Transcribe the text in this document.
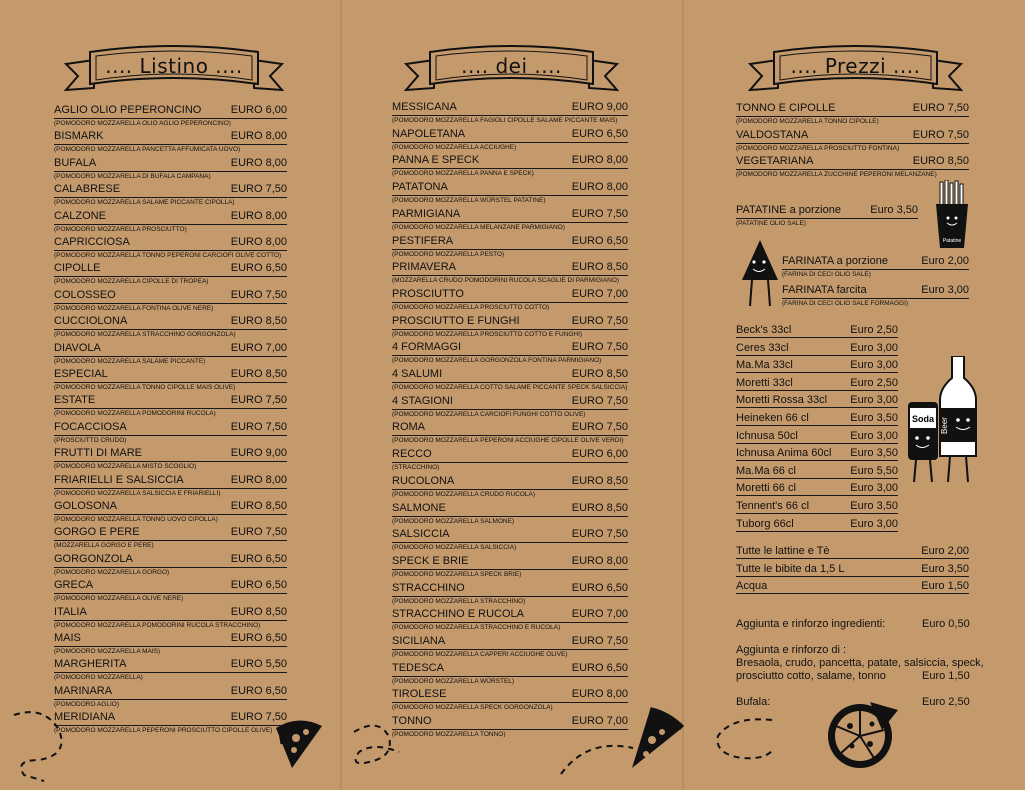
.... Listino ....
AGLIO OLIO PEPERONCINO	EURO 6,00
(POMODORO MOZZARELLA OLIO AGLIO PEPERONCINO)
BISMARK	EURO 8,00
(POMODORO MOZZARELLA PANCETTA AFFUMICATA UOVO)
BUFALA	EURO 8,00
(POMODORO MOZZARELLA DI BUFALA CAMPANA)
CALABRESE	EURO 7,50
(POMODORO MOZZARELLA SALAME PICCANTE CIPOLLA)
CALZONE	EURO 8,00
(POMODORO MOZZARELLA PROSCIUTTO)
CAPRICCIOSA	EURO 8,00
(POMODORO MOZZARELLA TONNO PEPERONI CARCIOFI OLIVE COTTO)
CIPOLLE	EURO 6,50
(POMODORO MOZZARELLA CIPOLLE DI TROPEA)
COLOSSEO	EURO 7,50
(POMODORO MOZZARELLA FONTINA OLIVE NERE)
CUCCIOLONA	EURO 8,50
(POMODORO MOZZARELLA STRACCHINO GORGONZOLA)
DIAVOLA	EURO 7,00
(POMODORO MOZZARELLA SALAME PICCANTE)
ESPECIAL	EURO 8,50
(POMODORO MOZZARELLA TONNO CIPOLLE MAIS OLIVE)
ESTATE	EURO 7,50
(POMODORO MOZZARELLA POMODORINI RUCOLA)
FOCACCIOSA	EURO 7,50
(PROSCIUTTO CRUDO)
FRUTTI DI MARE	EURO 9,00
(POMODORO MOZZARELLA MISTO SCOGLIO)
FRIARIELLI E SALSICCIA	EURO 8,00
(POMODORO MOZZARELLA SALSICCIA E FRIARIELLI)
GOLOSONA	EURO 8,50
(POMODORO MOZZARELLA TONNO UOVO CIPOLLA)
GORGO E PERE	EURO 7,50
(MOZZARELLA GORGO E PERE)
GORGONZOLA	EURO 6,50
(POMODORO MOZZARELLA GORGO)
GRECA	EURO 6,50
(POMODORO MOZZARELLA OLIVE NERE)
ITALIA	EURO 8,50
(POMODORO MOZZARELLA POMODORINI RUCOLA STRACCHINO)
MAIS	EURO 6,50
(POMODORO MOZZARELLA MAIS)
MARGHERITA	EURO 5,50
(POMODORO MOZZARELLA)
MARINARA	EURO 6,50
(POMODORO AGLIO)
MERIDIANA	EURO 7,50
(POMODORO MOZZARELLA PEPERONI PROSCIUTTO CIPOLLE OLIVE)
.... dei ....
MESSICANA	EURO 9,00
(POMODORO MOZZARELLA FAGIOLI CIPOLLE SALAME PICCANTE MAIS)
NAPOLETANA	EURO 6,50
(POMODORO MOZZARELLA ACCIUGHE)
PANNA E SPECK	EURO 8,00
(POMODORO MOZZARELLA PANNA E SPECK)
PATATONA	EURO 8,00
(POMODORO MOZZARELLA WÜRSTEL PATATINE)
PARMIGIANA	EURO 7,50
(POMODORO MOZZARELLA MELANZANE PARMIGIANO)
PESTIFERA	EURO 6,50
(POMODORO MOZZARELLA PESTO)
PRIMAVERA	EURO 8,50
(MOZZARELLA CRUDO POMODORINI RUCOLA SCAGLIE DI PARMIGIANO)
PROSCIUTTO	EURO 7,00
(POMODORO MOZZARELLA PROSCIUTTO COTTO)
PROSCIUTTO E FUNGHI	EURO 7,50
(POMODORO MOZZARELLA PROSCIUTTO COTTO E FUNGHI)
4 FORMAGGI	EURO 7,50
(POMODORO MOZZARELLA GORGONZOLA FONTINA PARMIGIANO)
4 SALUMI	EURO 8,50
(POMODORO MOZZARELLA COTTO SALAME PICCANTE SPECK SALSICCIA)
4 STAGIONI	EURO 7,50
(POMODORO MOZZARELLA CARCIOFI FUNGHI COTTO OLIVE)
ROMA	EURO 7,50
(POMODORO MOZZARELLA PEPERONI ACCIUGHE CIPOLLE OLIVE VERDI)
RECCO	EURO 6,00
(STRACCHINO)
RUCOLONA	EURO 8,50
(POMODORO MOZZARELLA CRUDO RUCOLA)
SALMONE	EURO 8,50
(POMODORO MOZZARELLA SALMONE)
SALSICCIA	EURO 7,50
(POMODORO MOZZARELLA SALSICCIA)
SPECK E BRIE	EURO 8,00
(POMODORO MOZZARELLA SPECK BRIE)
STRACCHINO	EURO 6,50
(POMODORO MOZZARELLA STRACCHINO)
STRACCHINO E RUCOLA	EURO 7,00
(POMODORO MOZZARELLA STRACCHINO E RUCOLA)
SICILIANA	EURO 7,50
(POMODORO MOZZARELLA CAPPERI ACCIUGHE OLIVE)
TEDESCA	EURO 6,50
(POMODORO MOZZARELLA WÜRSTEL)
TIROLESE	EURO 8,00
(POMODORO MOZZARELLA SPECK GORGONZOLA)
TONNO	EURO 7,00
(POMODORO MOZZARELLA TONNO)
.... Prezzi ....
TONNO E CIPOLLE	EURO 7,50
(POMODORO MOZZARELLA TONNO CIPOLLE)
VALDOSTANA	EURO 7,50
(POMODORO MOZZARELLA PROSCIUTTO FONTINA)
VEGETARIANA	EURO 8,50
(POMODORO MOZZARELLA ZUCCHINE PEPERONI MELANZANE)
PATATINE a porzione	Euro 3,50
(PATATINE OLIO SALE)
Patatine
FARINATA a porzione	Euro 2,00
(FARINA DI CECI OLIO SALE)
FARINATA farcita	Euro 3,00
(FARINA DI CECI OLIO SALE FORMAGGI)
Beck's 33cl	Euro 2,50
Ceres 33cl	Euro 3,00
Ma.Ma 33cl	Euro 3,00
Moretti 33cl	Euro 2,50
Moretti Rossa 33cl Euro 3,00
Heineken 66 cl	Euro 3,50
Ichnusa 50cl	Euro 3,00
Ichnusa Anima 60cl Euro 3,50
Ma.Ma 66 cl	Euro 5,50
Moretti 66 cl	Euro 3,00
Tennent's 66 cl	Euro 3,50
Tuborg 66cl	Euro 3,00
Soda Beer
Tutte le lattine e Tè	Euro 2,00
Tutte le bibite da 1,5 L	Euro 3,50
Acqua	Euro 1,50
Aggiunta e rinforzo ingredienti:	Euro 0,50
Aggiunta e rinforzo di :
Bresaola, crudo, pancetta, patate, salsiccia, speck,
prosciutto cotto, salame, tonno	Euro 1,50
Bufala:	Euro 2,50
